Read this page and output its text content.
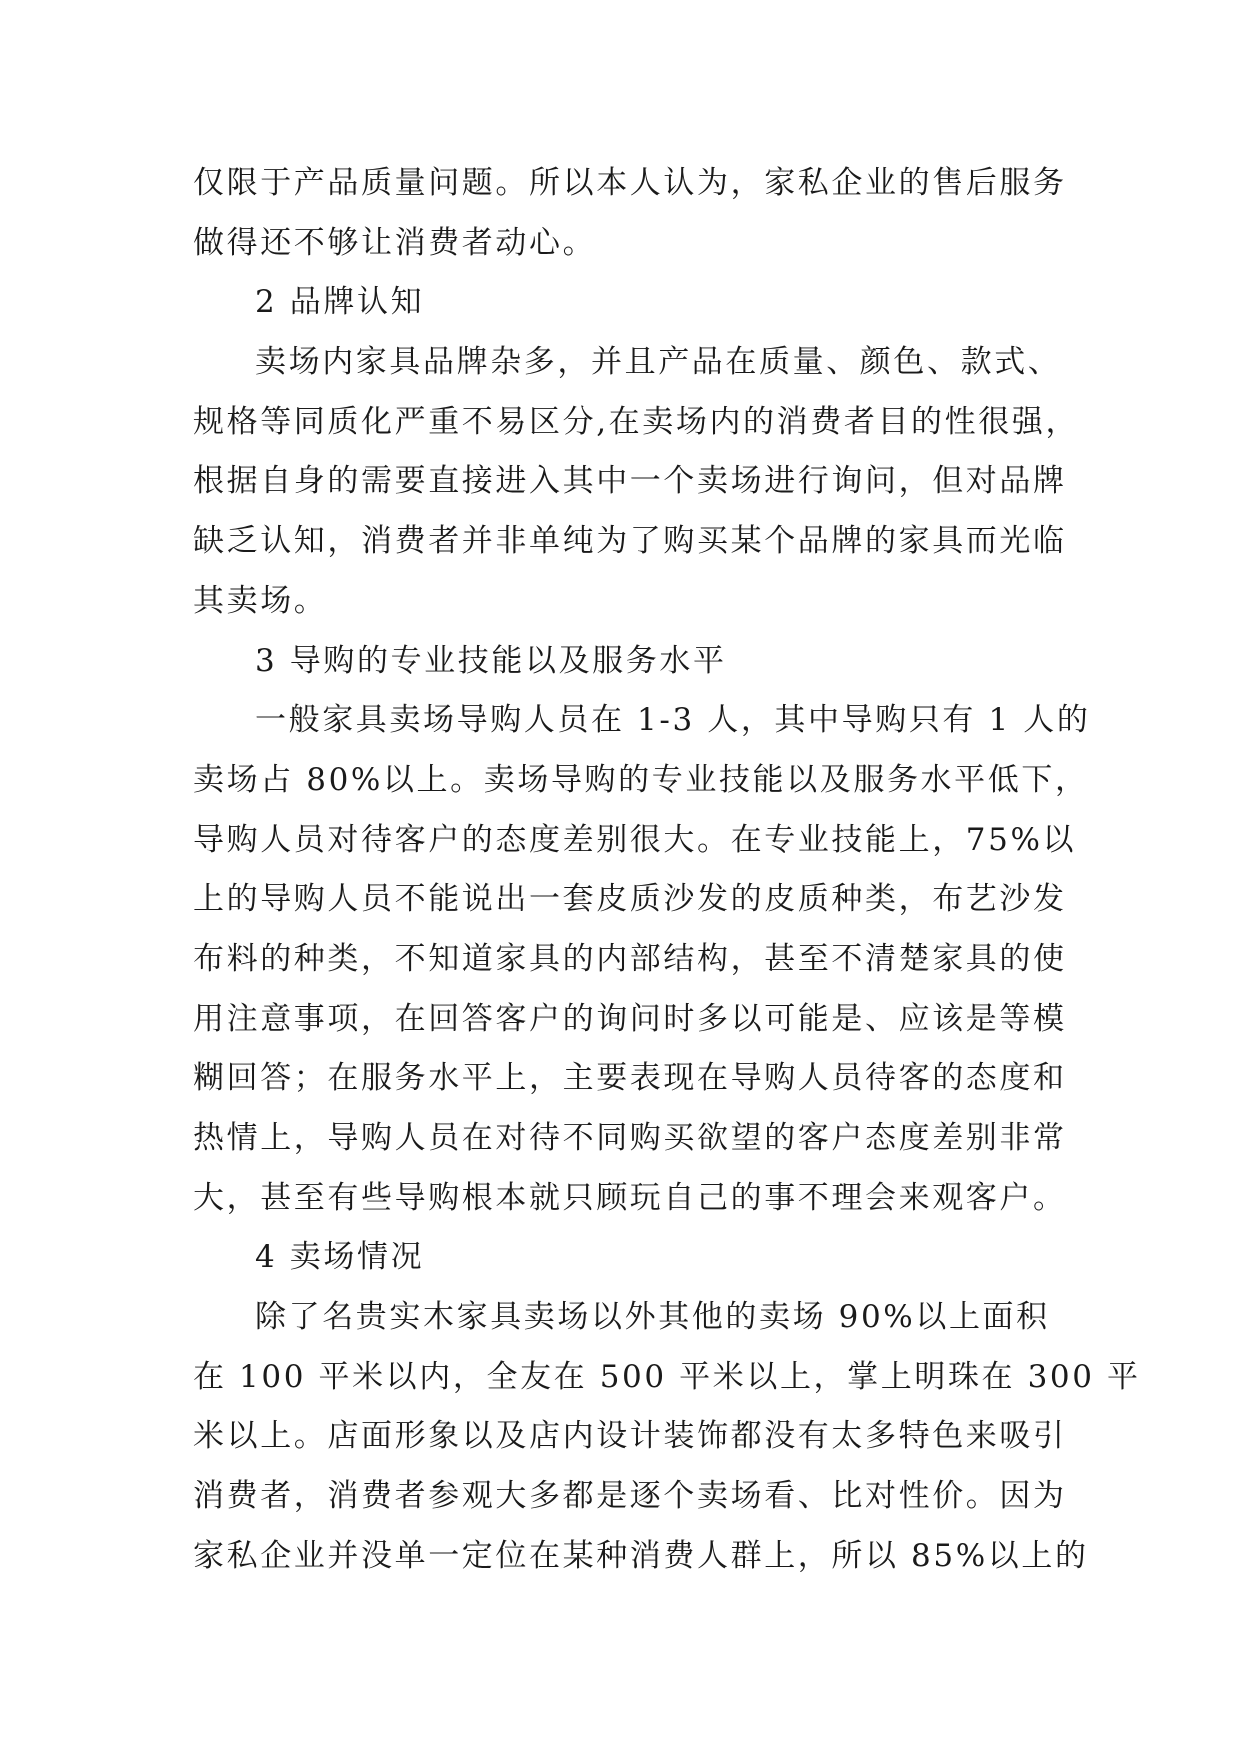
仅限于产品质量问题。所以本人认为，家私企业的售后服务
做得还不够让消费者动心。
2 品牌认知
卖场内家具品牌杂多，并且产品在质量、颜色、款式、
规格等同质化严重不易区分,在卖场内的消费者目的性很强，
根据自身的需要直接进入其中一个卖场进行询问，但对品牌
缺乏认知，消费者并非单纯为了购买某个品牌的家具而光临
其卖场。
3 导购的专业技能以及服务水平
一般家具卖场导购人员在 1-3 人，其中导购只有 1 人的
卖场占 80%以上。卖场导购的专业技能以及服务水平低下，
导购人员对待客户的态度差别很大。在专业技能上，75%以
上的导购人员不能说出一套皮质沙发的皮质种类，布艺沙发
布料的种类，不知道家具的内部结构，甚至不清楚家具的使
用注意事项，在回答客户的询问时多以可能是、应该是等模
糊回答；在服务水平上，主要表现在导购人员待客的态度和
热情上，导购人员在对待不同购买欲望的客户态度差别非常
大，甚至有些导购根本就只顾玩自己的事不理会来观客户。
4 卖场情况
除了名贵实木家具卖场以外其他的卖场 90%以上面积
在 100 平米以内，全友在 500 平米以上，掌上明珠在 300 平
米以上。店面形象以及店内设计装饰都没有太多特色来吸引
消费者，消费者参观大多都是逐个卖场看、比对性价。因为
家私企业并没单一定位在某种消费人群上，所以 85%以上的
